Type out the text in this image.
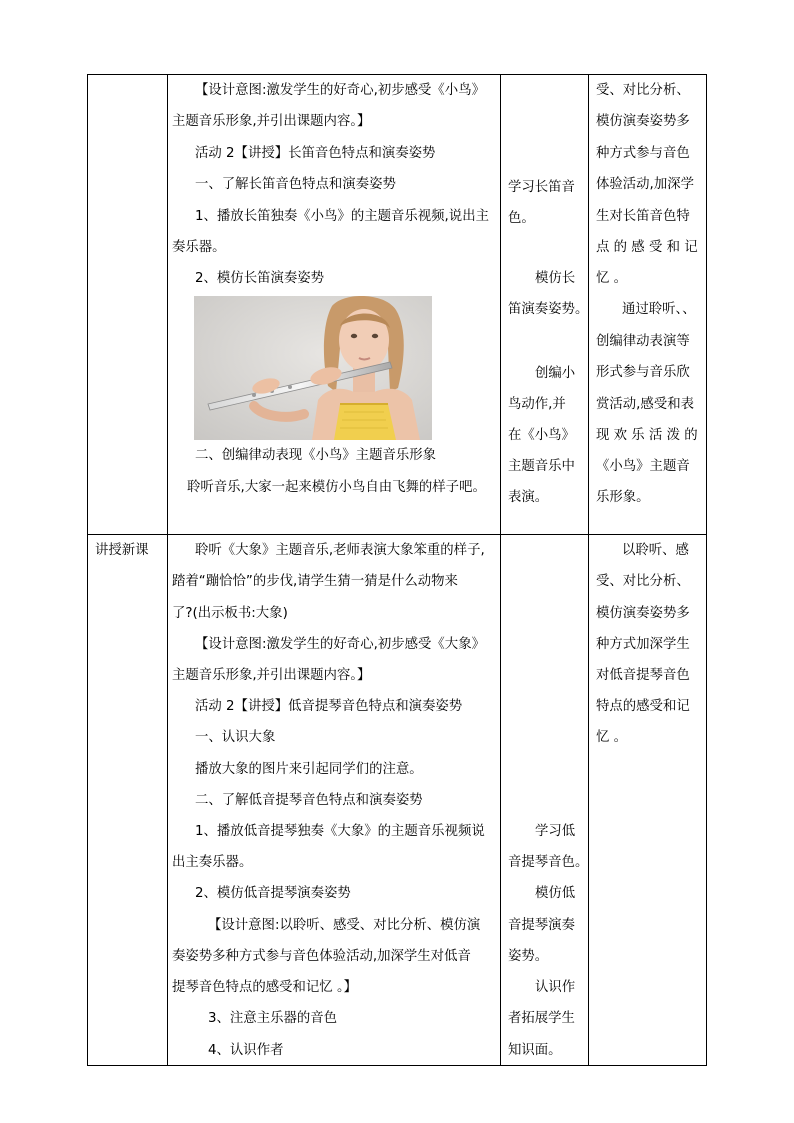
【设计意图:激发学生的好奇心,初步感受《小鸟》
主题音乐形象,并引出课题内容。】
活动 2【讲授】长笛音色特点和演奏姿势
一、了解长笛音色特点和演奏姿势
1、播放长笛独奏《小鸟》的主题音乐视频,说出主
奏乐器。
2、模仿长笛演奏姿势
二、创编律动表现《小鸟》主题音乐形象
聆听音乐,大家一起来模仿小鸟自由飞舞的样子吧。
学习长笛音
色。
模仿长
笛演奏姿势。
创编小
鸟动作,并
在《小鸟》
主题音乐中
表演。
受、对比分析、
模仿演奏姿势多
种方式参与音色
体验活动,加深学
生对长笛音色特
点 的 感 受 和 记
忆 。
通过聆听、、
创编律动表演等
形式参与音乐欣
赏活动,感受和表
现 欢 乐 活 泼 的
《小鸟》主题音
乐形象。
讲授新课	聆听《大象》主题音乐,老师表演大象笨重的样子,
踏着“蹦恰恰”的步伐,请学生猜一猜是什么动物来
了?(出示板书:大象)
【设计意图:激发学生的好奇心,初步感受《大象》
主题音乐形象,并引出课题内容。】
活动 2【讲授】低音提琴音色特点和演奏姿势
一、认识大象
播放大象的图片来引起同学们的注意。
二、了解低音提琴音色特点和演奏姿势
1、播放低音提琴独奏《大象》的主题音乐视频说
出主奏乐器。
2、模仿低音提琴演奏姿势
【设计意图:以聆听、感受、对比分析、模仿演
奏姿势多种方式参与音色体验活动,加深学生对低音
提琴音色特点的感受和记忆 。】
3、注意主乐器的音色
4、认识作者
学习低
音提琴音色。
模仿低
音提琴演奏
姿势。
认识作
者拓展学生
知识面。
以聆听、感
受、对比分析、
模仿演奏姿势多
种方式加深学生
对低音提琴音色
特点的感受和记
忆 。
